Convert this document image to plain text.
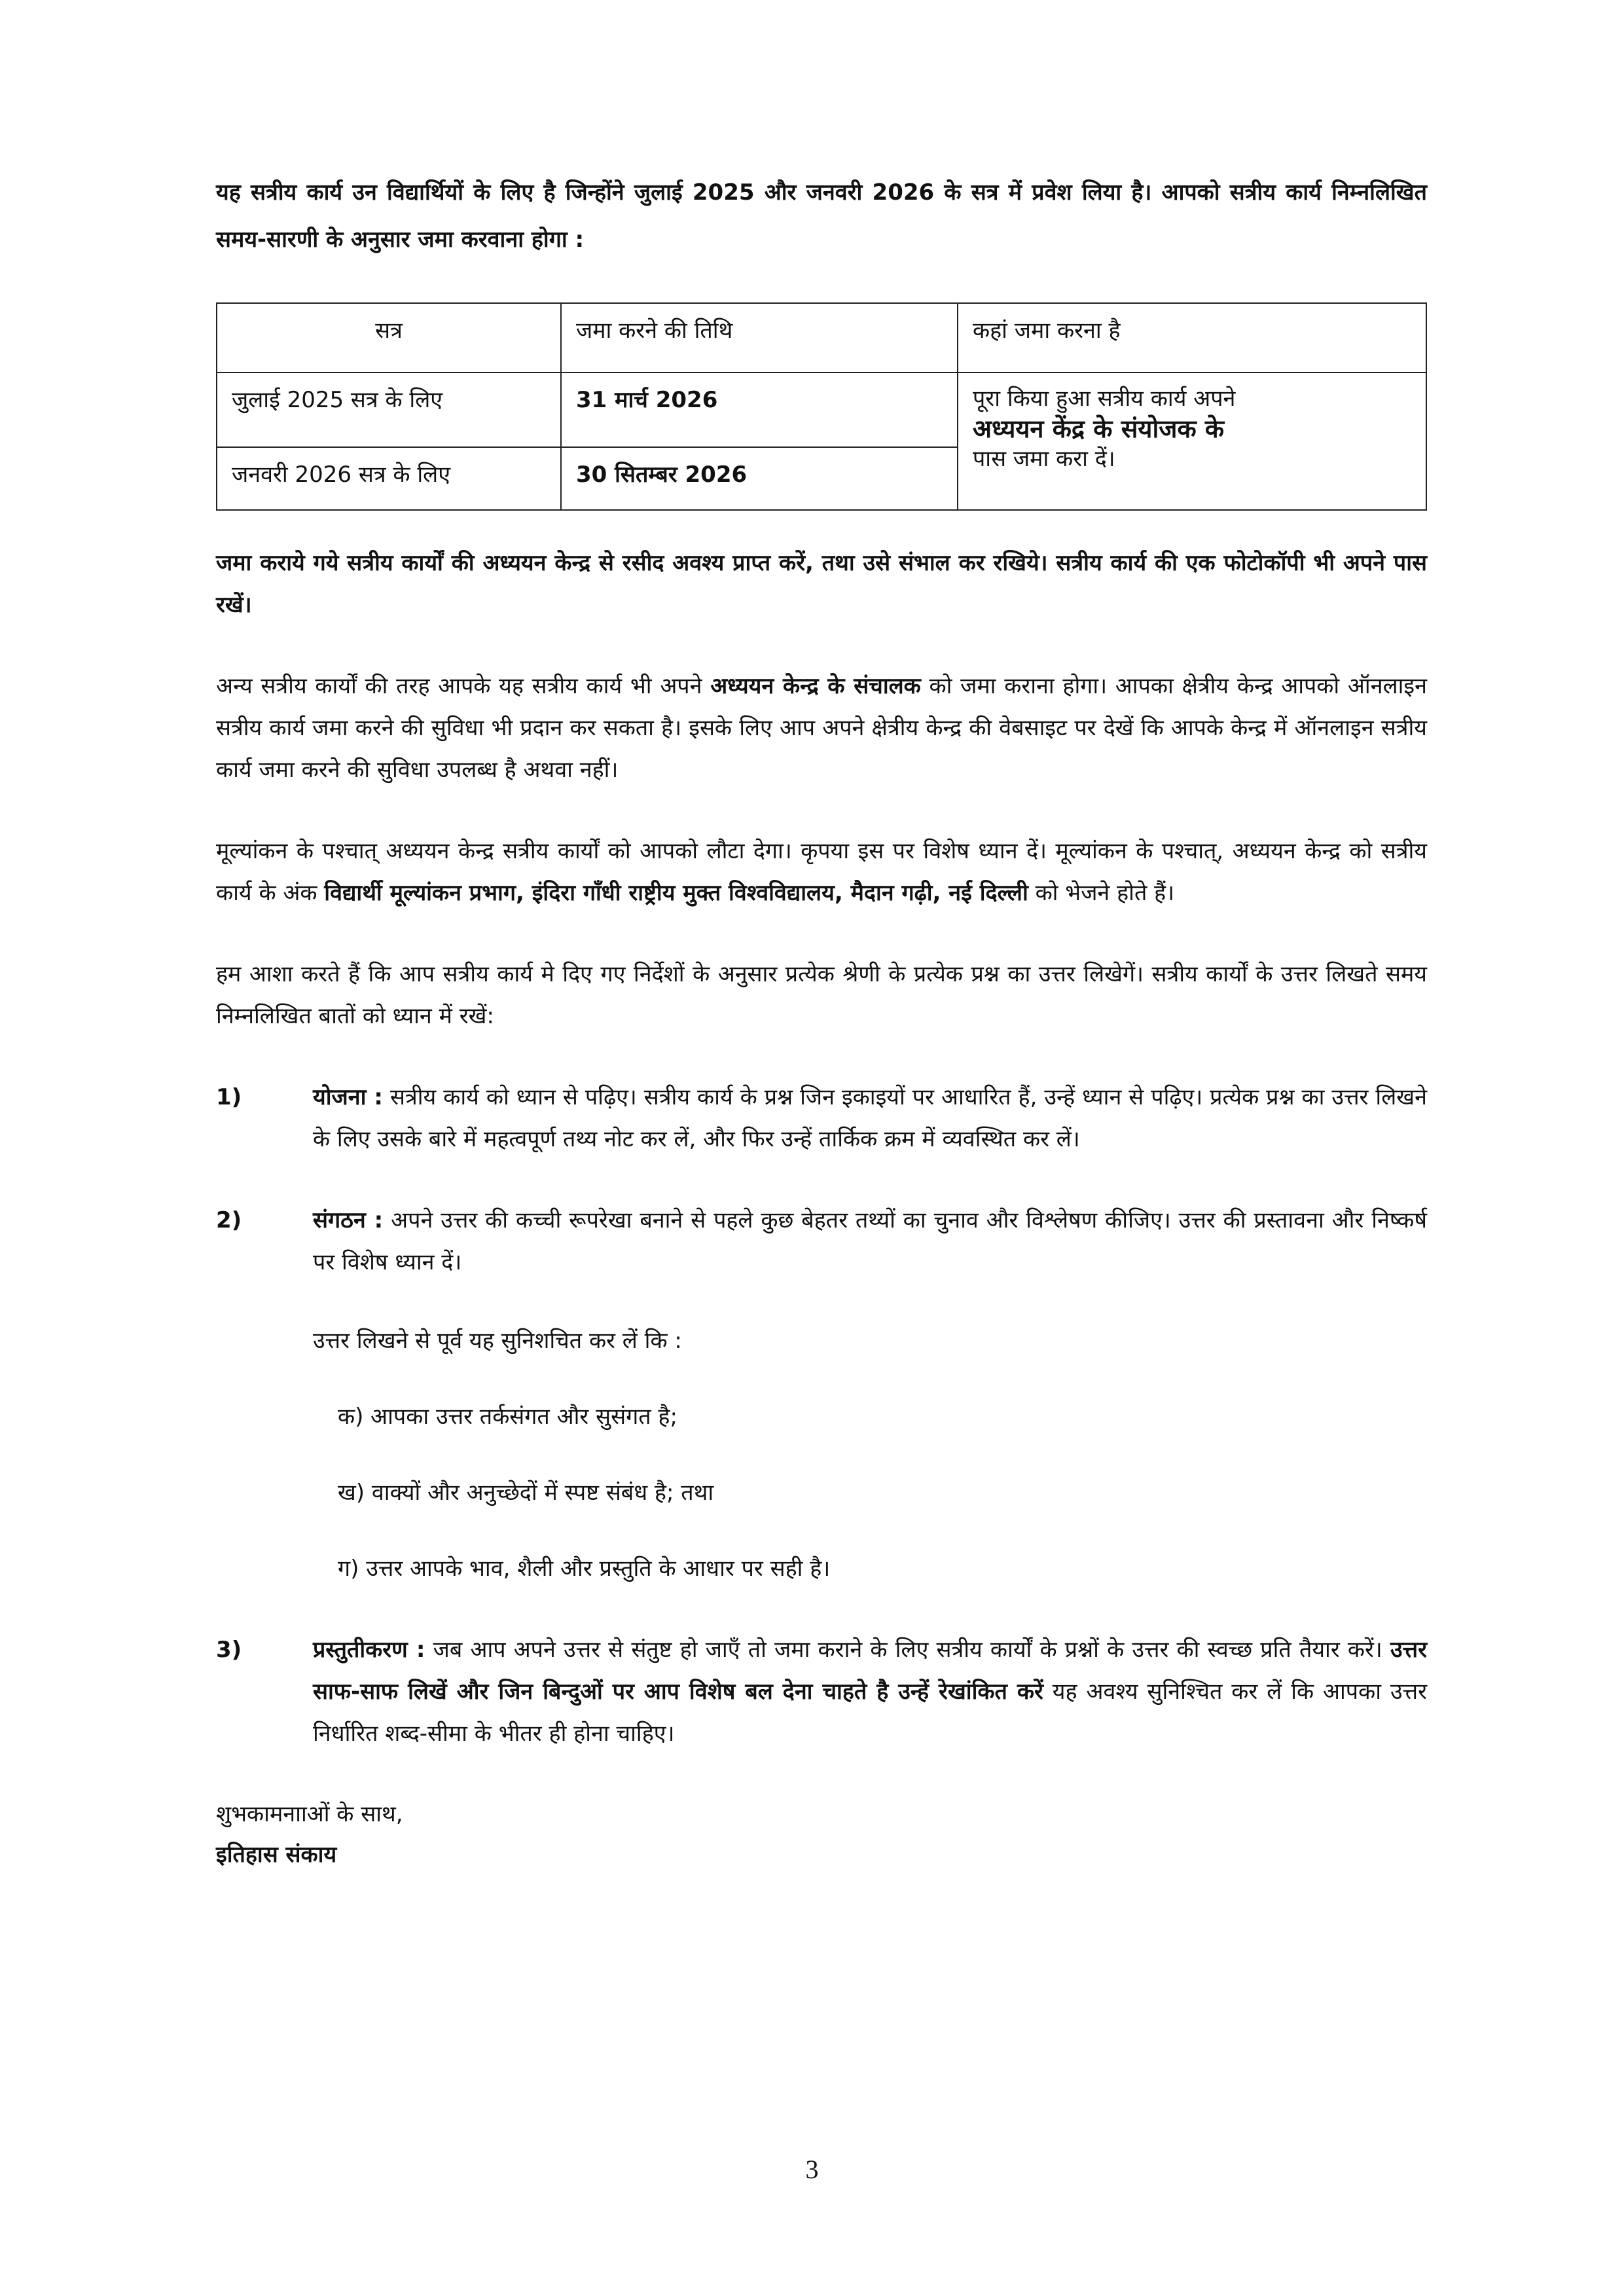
यह सत्रीय कार्य उन विद्यार्थियों के लिए है जिन्होंने जुलाई 2025 और जनवरी 2026 के सत्र में प्रवेश लिया है। आपको सत्रीय कार्य निम्नलिखित समय-सारणी के अनुसार जमा करवाना होगा :

सत्र	जमा करने की तिथि	कहां जमा करना है
जुलाई 2025 सत्र के लिए	31 मार्च 2026	पूरा किया हुआ सत्रीय कार्य अपने
अध्ययन केंद्र के संयोजक के
पास जमा करा दें।

जनवरी 2026 सत्र के लिए	30 सितम्बर 2026	

जमा कराये गये सत्रीय कार्यों की अध्ययन केन्द्र से रसीद अवश्य प्राप्त करें, तथा उसे संभाल कर रखिये। सत्रीय कार्य की एक फोटोकॉपी भी अपने पास रखें।

अन्य सत्रीय कार्यों की तरह आपके यह सत्रीय कार्य भी अपने अध्ययन केन्द्र के संचालक को जमा कराना होगा। आपका क्षेत्रीय केन्द्र आपको ऑनलाइन सत्रीय कार्य जमा करने की सुविधा भी प्रदान कर सकता है। इसके लिए आप अपने क्षेत्रीय केन्द्र की वेबसाइट पर देखें कि आपके केन्द्र में ऑनलाइन सत्रीय कार्य जमा करने की सुविधा उपलब्ध है अथवा नहीं।

मूल्यांकन के पश्चात् अध्ययन केन्द्र सत्रीय कार्यों को आपको लौटा देगा। कृपया इस पर विशेष ध्यान दें। मूल्यांकन के पश्चात्, अध्ययन केन्द्र को सत्रीय कार्य के अंक विद्यार्थी मूल्यांकन प्रभाग, इंदिरा गाँधी राष्ट्रीय मुक्त विश्वविद्यालय, मैदान गढ़ी, नई दिल्ली को भेजने होते हैं।

हम आशा करते हैं कि आप सत्रीय कार्य मे दिए गए निर्देशों के अनुसार प्रत्येक श्रेणी के प्रत्येक प्रश्न का उत्तर लिखेगें। सत्रीय कार्यों के उत्तर लिखते समय निम्नलिखित बातों को ध्यान में रखें:

1)	योजना : सत्रीय कार्य को ध्यान से पढ़िए। सत्रीय कार्य के प्रश्न जिन इकाइयों पर आधारित हैं, उन्हें ध्यान से पढ़िए। प्रत्येक प्रश्न का उत्तर लिखने के लिए उसके बारे में महत्वपूर्ण तथ्य नोट कर लें, और फिर उन्हें तार्किक क्रम में व्यवस्थित कर लें।
2)	संगठन : अपने उत्तर की कच्ची रूपरेखा बनाने से पहले कुछ बेहतर तथ्यों का चुनाव और विश्लेषण कीजिए। उत्तर की प्रस्तावना और निष्कर्ष पर विशेष ध्यान दें।

उत्तर लिखने से पूर्व यह सुनिशचित कर लें कि :

क) आपका उत्तर तर्कसंगत और सुसंगत है;

ख) वाक्यों और अनुच्छेदों में स्पष्ट संबंध है; तथा

ग) उत्तर आपके भाव, शैली और प्रस्तुति के आधार पर सही है।

3)	प्रस्तुतीकरण : जब आप अपने उत्तर से संतुष्ट हो जाएँ तो जमा कराने के लिए सत्रीय कार्यों के प्रश्नों के उत्तर की स्वच्छ प्रति तैयार करें। उत्तर साफ-साफ लिखें और जिन बिन्दुओं पर आप विशेष बल देना चाहते है उन्हें रेखांकित करें यह अवश्य सुनिश्चित कर लें कि आपका उत्तर निर्धारित शब्द-सीमा के भीतर ही होना चाहिए।
शुभकामनााओं के साथ,
इतिहास संकाय
3
